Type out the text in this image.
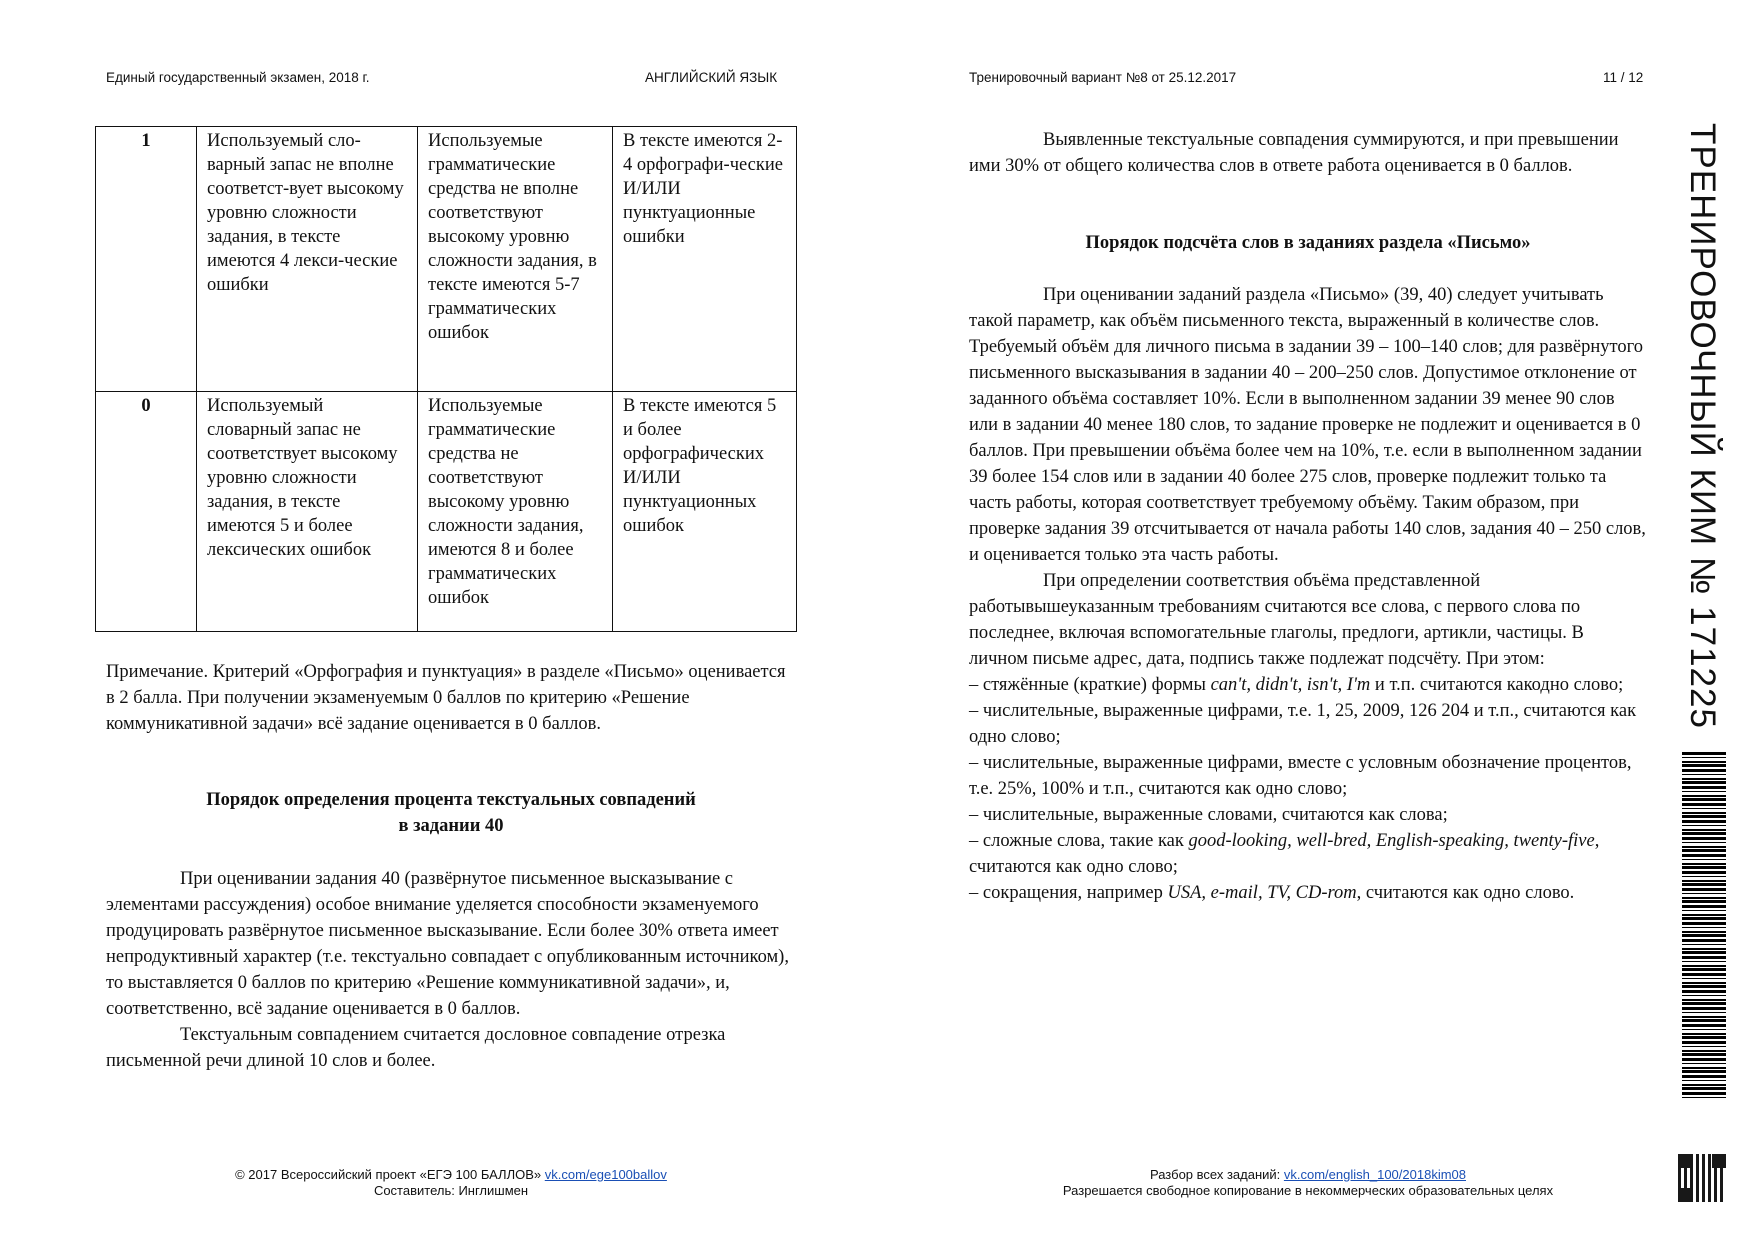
Единый государственный экзамен, 2018 г.	АНГЛИЙСКИЙ ЯЗЫК	Тренировочный вариант №8 от 25.12.2017	11 / 12
1	Используемый сло-варный запас не вполне соответст-вует высокому уровню сложности задания, в тексте имеются 4 лекси-ческие ошибки	Используемые грамматические средства не вполне соответствуют высокому уровню сложности задания, в тексте имеются 5-7 грамматических ошибок	В тексте имеются 2-4 орфографи-ческие И/ИЛИ пунктуационные ошибки
0	Используемый словарный запас не соответствует высокому уровню сложности задания, в тексте имеются 5 и более лексических ошибок	Используемые грамматические средства не соответствуют высокому уровню сложности задания, имеются 8 и более грамматических ошибок	В тексте имеются 5 и более орфографических И/ИЛИ пунктуационных ошибок

Примечание. Критерий «Орфография и пунктуация» в разделе «Письмо» оценивается в 2 балла. При получении экзаменуемым 0 баллов по критерию «Решение коммуникативной задачи» всё задание оценивается в 0 баллов.

Порядок определения процента текстуальных совпадений
в задании 40

При оценивании задания 40 (развёрнутое письменное высказывание с элементами рассуждения) особое внимание уделяется способности экзаменуемого продуцировать развёрнутое письменное высказывание. Если более 30% ответа имеет непродуктивный характер (т.е. текстуально совпадает с опубликованным источником), то выставляется 0 баллов по критерию «Решение коммуникативной задачи», и, соответственно, всё задание оценивается в 0 баллов.

Текстуальным совпадением считается дословное совпадение отрезка письменной речи длиной 10 слов и более.

Выявленные текстуальные совпадения суммируются, и при превышении ими 30% от общего количества слов в ответе работа оценивается в 0 баллов.

Порядок подсчёта слов в заданиях раздела «Письмо»

При оценивании заданий раздела «Письмо» (39, 40) следует учитывать такой параметр, как объём письменного текста, выраженный в количестве слов. Требуемый объём для личного письма в задании 39 – 100–140 слов; для развёрнутого письменного высказывания в задании 40 – 200–250 слов. Допустимое отклонение от заданного объёма составляет 10%. Если в выполненном задании 39 менее 90 слов или в задании 40 менее 180 слов, то задание проверке не подлежит и оценивается в 0 баллов. При превышении объёма более чем на 10%, т.е. если в выполненном задании 39 более 154 слов или в задании 40 более 275 слов, проверке подлежит только та часть работы, которая соответствует требуемому объёму. Таким образом, при проверке задания 39 отсчитывается от начала работы 140 слов, задания 40 – 250 слов, и оценивается только эта часть работы.

При определении соответствия объёма представленной работывышеуказанным требованиям считаются все слова, с первого слова по последнее, включая вспомогательные глаголы, предлоги, артикли, частицы. В личном письме адрес, дата, подпись также подлежат подсчёту. При этом:

– стяжённые (краткие) формы can't, didn't, isn't, I'm и т.п. считаются какодно слово;

– числительные, выраженные цифрами, т.е. 1, 25, 2009, 126 204 и т.п., считаются как одно слово;

– числительные, выраженные цифрами, вместе с условным обозначение процентов, т.е. 25%, 100% и т.п., считаются как одно слово;

– числительные, выраженные словами, считаются как слова;

– сложные слова, такие как good-looking, well-bred, English-speaking, twenty-five, считаются как одно слово;

– сокращения, например USA, e-mail, TV, CD-rom, считаются как одно слово.

ТРЕНИРОВОЧНЫЙ КИМ № 171225
© 2017 Всероссийский проект «ЕГЭ 100 БАЛЛОВ» vk.com/ege100ballov
Составитель: Инглишмен
Разбор всех заданий: vk.com/english_100/2018kim08
Разрешается свободное копирование в некоммерческих образовательных целях
